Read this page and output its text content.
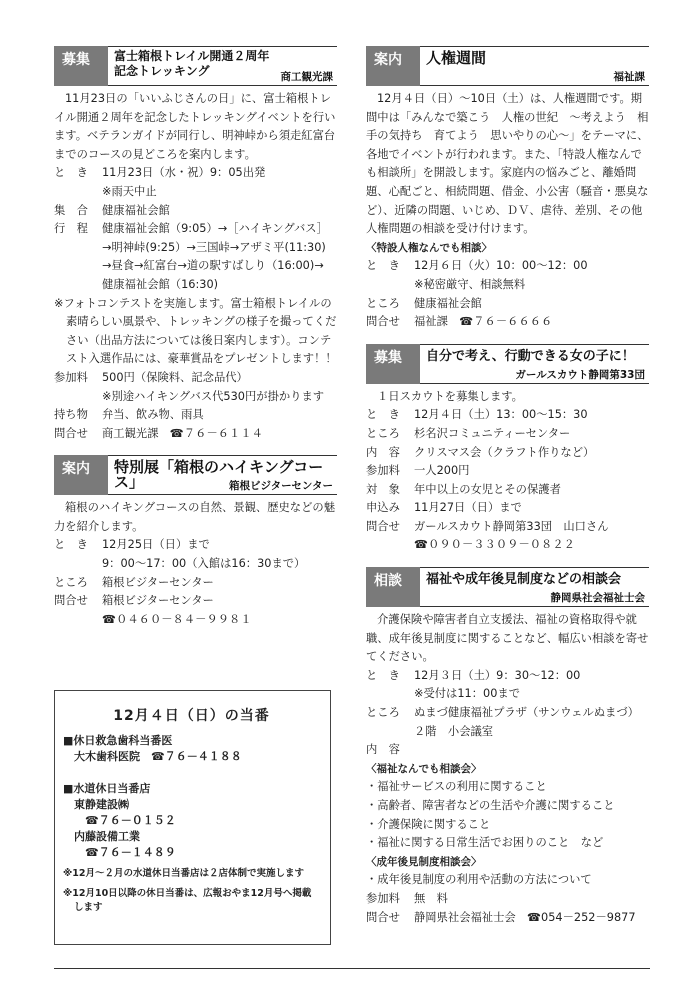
募集	富士箱根トレイル開通２周年
記念トレッキング	商工観光課
11月23日の「いいふじさんの日」に、富士箱根トレイル開通２周年を記念したトレッキングイベントを行います。ベテランガイドが同行し、明神峠から須走紅富台までのコースの見どころを案内します。
と　き	11月23日（水・祝）9：05出発
※雨天中止
集　合	健康福祉会館
行　程	健康福祉会館（9:05）→［ハイキングバス］
→明神峠(9:25）→三国峠→アザミ平(11:30)
→昼食→紅富台→道の駅すばしり（16:00)→
健康福祉会館（16:30)
※フォトコンテストを実施します。富士箱根トレイルの素晴らしい風景や、トレッキングの様子を撮ってください（出品方法については後日案内します）。コンテスト入選作品には、豪華賞品をプレゼントします！！
参加料	500円（保険料、記念品代）
※別途ハイキングバス代530円が掛かります
持ち物	弁当、飲み物、雨具
問合せ	商工観光課　☎７６－６１１４
案内	特別展「箱根のハイキングコース」	箱根ビジターセンター
箱根のハイキングコースの自然、景観、歴史などの魅力を紹介します。
と　き	12月25日（日）まで
9：00～17：00（入館は16：30まで）
ところ	箱根ビジターセンター
問合せ	箱根ビジターセンター
☎０４６０－８４－９９８１
12月４日（日）の当番
■休日救急歯科当番医
　大木歯科医院　☎７６－４１８８

■水道休日当番店
　東静建設㈱
　　☎７６－０１５２
　内藤設備工業
　　☎７６－１４８９
※12月～２月の水道休日当番店は２店体制で実施します
※12月10日以降の休日当番は、広報おやま12月号へ掲載します
案内	人権週間
福祉課
12月４日（日）～10日（土）は、人権週間です。期間中は「みんなで築こう　人権の世紀　～考えよう　相手の気持ち　育てよう　思いやりの心～」をテーマに、各地でイベントが行われます。また、「特設人権なんでも相談所」を開設します。家庭内の悩みごと、離婚問題、心配ごと、相続問題、借金、小公害（騒音・悪臭など）、近隣の問題、いじめ、ＤＶ、虐待、差別、その他人権問題の相談を受け付けます。
〈特設人権なんでも相談〉
と　き	12月６日（火）10：00～12：00
※秘密厳守、相談無料
ところ	健康福祉会館
問合せ	福祉課　☎７６－６６６６
募集	自分で考え、行動できる女の子に！
ガールスカウト静岡第33団
１日スカウトを募集します。
と　き	12月４日（土）13：00～15：30
ところ	杉名沢コミュニティーセンター
内　容	クリスマス会（クラフト作りなど）
参加料	一人200円
対　象	年中以上の女児とその保護者
申込み	11月27日（日）まで
問合せ	ガールスカウト静岡第33団　山口さん
☎０９０－３３０９－０８２２
相談	福祉や成年後見制度などの相談会
静岡県社会福祉士会
介護保険や障害者自立支援法、福祉の資格取得や就職、成年後見制度に関することなど、幅広い相談を寄せてください。
と　き	12月３日（土）9：30～12：00
※受付は11：00まで
ところ	ぬまづ健康福祉プラザ（サンウェルぬまづ）
２階　小会議室
内　容
〈福祉なんでも相談会〉
・福祉サービスの利用に関すること
・高齢者、障害者などの生活や介護に関すること
・介護保険に関すること
・福祉に関する日常生活でお困りのこと　など
〈成年後見制度相談会〉
・成年後見制度の利用や活動の方法について
参加料	無　料
問合せ	静岡県社会福祉士会　☎054－252－9877
